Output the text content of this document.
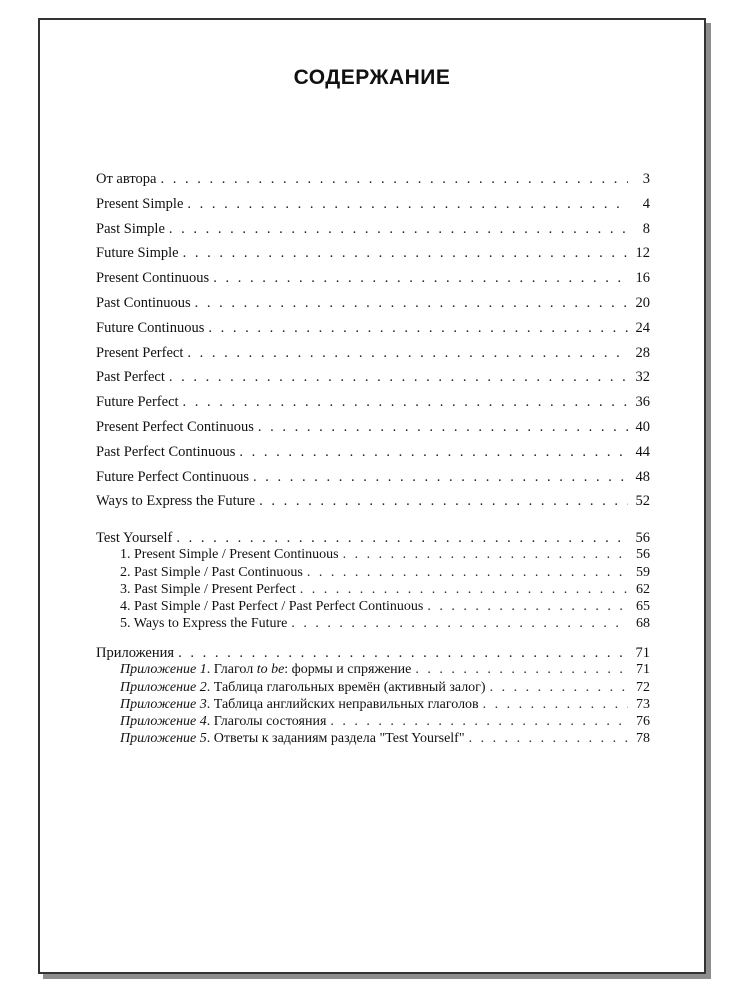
СОДЕРЖАНИЕ
От автора . . .	3
Present Simple . . .	4
Past Simple . . .	8
Future Simple . . .	12
Present Continuous . . .	16
Past Continuous . . .	20
Future Continuous . . .	24
Present Perfect . . .	28
Past Perfect . . .	32
Future Perfect . . .	36
Present Perfect Continuous . . .	40
Past Perfect Continuous . . .	44
Future Perfect Continuous . . .	48
Ways to Express the Future . . .	52
Test Yourself . . .	56
1. Present Simple / Present Continuous . . .	56
2. Past Simple / Past Continuous . . .	59
3. Past Simple / Present Perfect . . .	62
4. Past Simple / Past Perfect / Past Perfect Continuous . . .	65
5. Ways to Express the Future . . .	68
Приложения . . .	71
Приложение 1. Глагол to be: формы и спряжение . . .	71
Приложение 2. Таблица глагольных времён (активный залог) . . .	72
Приложение 3. Таблица английских неправильных глаголов . . .	73
Приложение 4. Глаголы состояния . . .	76
Приложение 5. Ответы к заданиям раздела "Test Yourself" . . .	78
